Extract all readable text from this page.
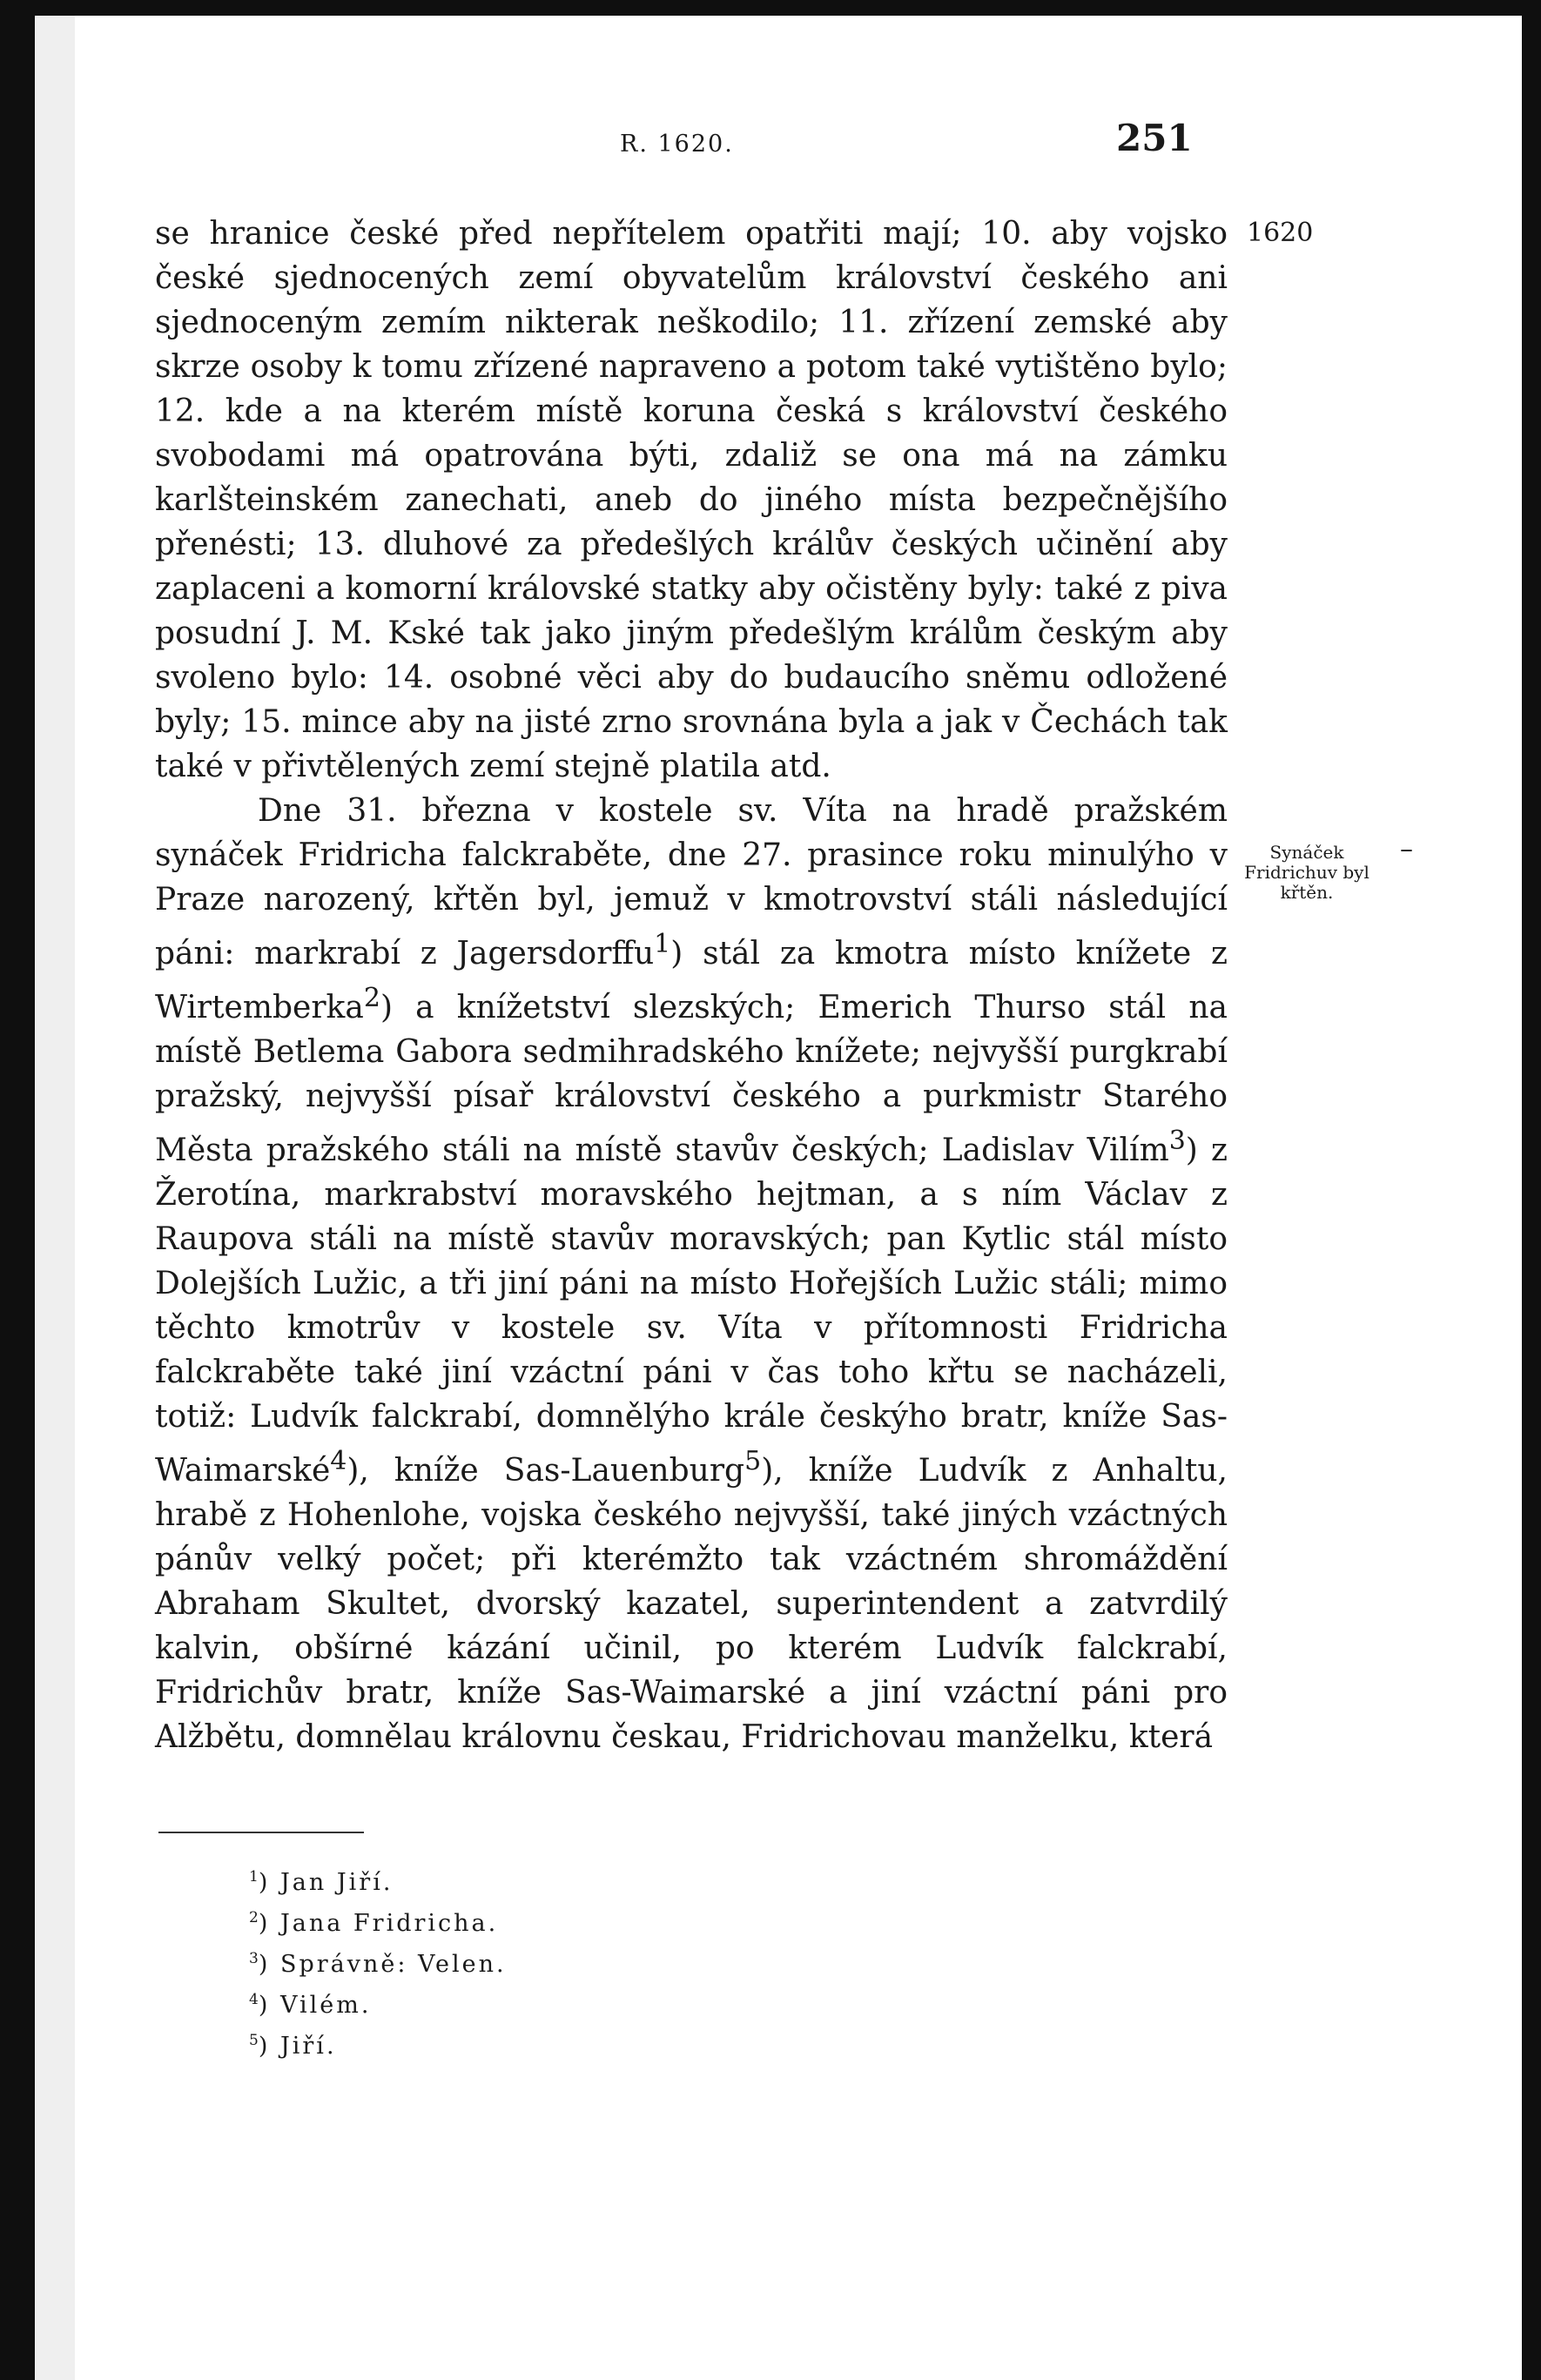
R. 1620.	251
1620
Synáček Fridrichuv byl křtěn.
–

se hranice české před nepřítelem opatřiti mají; 10. aby vojsko české sjednocených zemí obyvatelům království českého ani sjednoceným zemím nikterak neškodilo; 11. zřízení zemské aby skrze osoby k tomu zřízené napraveno a potom také vytištěno bylo; 12. kde a na kterém místě koruna česká s království českého svobodami má opatrována býti, zdaliž se ona má na zámku karlšteinském zanechati, aneb do jiného místa bezpečnějšího přenésti; 13. dluhové za předešlých králův českých učinění aby zaplaceni a komorní královské statky aby očistěny byly: také z piva posudní J. M. Kské tak jako jiným předešlým králům českým aby svoleno bylo: 14. osobné věci aby do budaucího sněmu odložené byly; 15. mince aby na jisté zrno srovnána byla a jak v Čechách tak také v přivtělených zemí stejně platila atd.

Dne 31. března v kostele sv. Víta na hradě pražském synáček Fridricha falckraběte, dne 27. prasince roku minulýho v Praze narozený, křtěn byl, jemuž v kmotrovství stáli následující páni: markrabí z Jagersdorffu$^1$) stál za kmotra místo knížete z Wirtemberka$^2$) a knížetství slezských; Emerich Thurso stál na místě Betlema Gabora sedmihradského knížete; nejvyšší purgkrabí pražský, nejvyšší písař království českého a purkmistr Starého Města pražského stáli na místě stavův českých; Ladislav Vilím$^3$) z Žerotína, markrabství moravského hejtman, a s ním Václav z Raupova stáli na místě stavův moravských; pan Kytlic stál místo Dolejších Lužic, a tři jiní páni na místo Hořejších Lužic stáli; mimo těchto kmotrův v kostele sv. Víta v přítomnosti Fridricha falckraběte také jiní vzáctní páni v čas toho křtu se nacházeli, totiž: Ludvík falckrabí, domnělýho krále českýho bratr, kníže Sas-Waimarské$^4$), kníže Sas-Lauenburg$^5$), kníže Ludvík z Anhaltu, hrabě z Hohenlohe, vojska českého nejvyšší, také jiných vzáctných pánův velký počet; při kterémžto tak vzáctném shromáždění Abraham Skultet, dvorský kazatel, superintendent a zatvrdilý kalvin, obšírné kázání učinil, po kterém Ludvík falckrabí, Fridrichův bratr, kníže Sas-Waimarské a jiní vzáctní páni pro Alžbětu, domnělau královnu českau, Fridrichovau manželku, která

$^1$) Jan Jiří.
$^2$) Jana Fridricha.
$^3$) Správně: Velen.
$^4$) Vilém.
$^5$) Jiří.
